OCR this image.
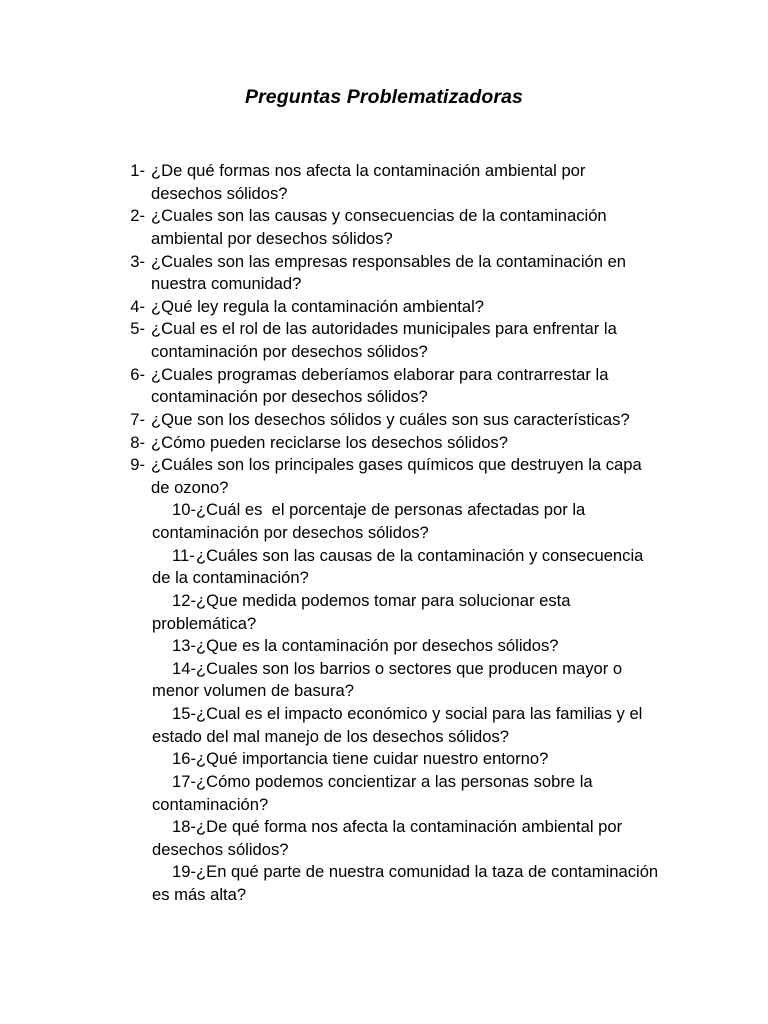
Preguntas Problematizadoras
1- ¿De qué formas nos afecta la contaminación ambiental por desechos sólidos?
2- ¿Cuales son las causas y consecuencias de la contaminación ambiental por desechos sólidos?
3- ¿Cuales son las empresas responsables de la contaminación en nuestra comunidad?
4- ¿Qué ley regula la contaminación ambiental?
5- ¿Cual es el rol de las autoridades municipales para enfrentar la contaminación por desechos sólidos?
6- ¿Cuales programas deberíamos elaborar para contrarrestar la contaminación por desechos sólidos?
7- ¿Que son los desechos sólidos y cuáles son sus características?
8- ¿Cómo pueden reciclarse los desechos sólidos?
9- ¿Cuáles son los principales gases químicos que destruyen la capa de ozono?
10- ¿Cuál es  el porcentaje de personas afectadas por la contaminación por desechos sólidos?
11- ¿Cuáles son las causas de la contaminación y consecuencia de la contaminación?
12- ¿Que medida podemos tomar para solucionar esta problemática?
13- ¿Que es la contaminación por desechos sólidos?
14- ¿Cuales son los barrios o sectores que producen mayor o menor volumen de basura?
15- ¿Cual es el impacto económico y social para las familias y el estado del mal manejo de los desechos sólidos?
16- ¿Qué importancia tiene cuidar nuestro entorno?
17- ¿Cómo podemos concientizar a las personas sobre la contaminación?
18- ¿De qué forma nos afecta la contaminación ambiental por desechos sólidos?
19- ¿En qué parte de nuestra comunidad la taza de contaminación es más alta?
